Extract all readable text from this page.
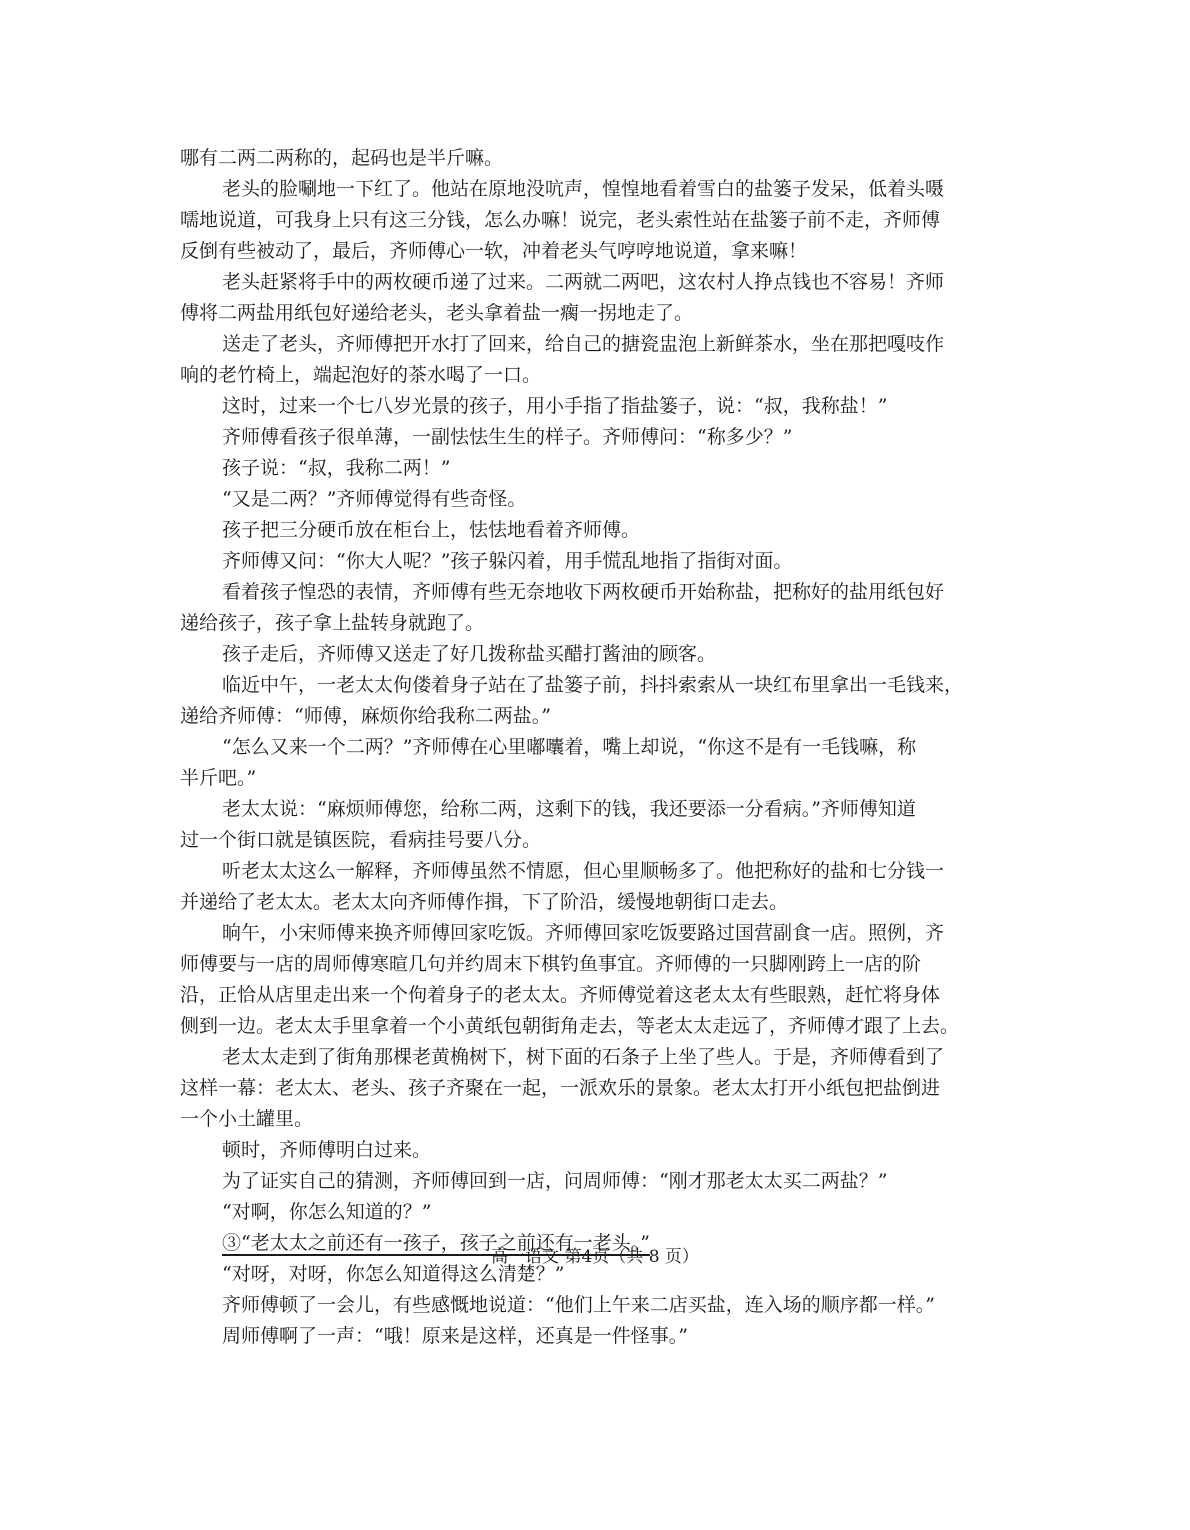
哪有二两二两称的，起码也是半斤嘛。
老头的脸唰地一下红了。他站在原地没吭声，惶惶地看着雪白的盐篓子发呆，低着头嗫
嚅地说道，可我身上只有这三分钱，怎么办嘛！说完，老头索性站在盐篓子前不走，齐师傅
反倒有些被动了，最后，齐师傅心一软，冲着老头气哼哼地说道，拿来嘛！
老头赶紧将手中的两枚硬币递了过来。二两就二两吧，这农村人挣点钱也不容易！齐师
傅将二两盐用纸包好递给老头，老头拿着盐一瘸一拐地走了。
送走了老头，齐师傅把开水打了回来，给自己的搪瓷盅泡上新鲜茶水，坐在那把嘎吱作
响的老竹椅上，端起泡好的茶水喝了一口。
这时，过来一个七八岁光景的孩子，用小手指了指盐篓子，说：“叔，我称盐！”
齐师傅看孩子很单薄，一副怯怯生生的样子。齐师傅问：“称多少？”
孩子说：“叔，我称二两！”
“又是二两？”齐师傅觉得有些奇怪。
孩子把三分硬币放在柜台上，怯怯地看着齐师傅。
齐师傅又问：“你大人呢？”孩子躲闪着，用手慌乱地指了指街对面。
看着孩子惶恐的表情，齐师傅有些无奈地收下两枚硬币开始称盐，把称好的盐用纸包好
递给孩子，孩子拿上盐转身就跑了。
孩子走后，齐师傅又送走了好几拨称盐买醋打酱油的顾客。
临近中午，一老太太佝偻着身子站在了盐篓子前，抖抖索索从一块红布里拿出一毛钱来，
递给齐师傅：“师傅，麻烦你给我称二两盐。”
“怎么又来一个二两？”齐师傅在心里嘟囔着，嘴上却说，“你这不是有一毛钱嘛，称
半斤吧。”
老太太说：“麻烦师傅您，给称二两，这剩下的钱，我还要添一分看病。”齐师傅知道
过一个街口就是镇医院，看病挂号要八分。
听老太太这么一解释，齐师傅虽然不情愿，但心里顺畅多了。他把称好的盐和七分钱一
并递给了老太太。老太太向齐师傅作揖，下了阶沿，缓慢地朝街口走去。
晌午，小宋师傅来换齐师傅回家吃饭。齐师傅回家吃饭要路过国营副食一店。照例，齐
师傅要与一店的周师傅寒暄几句并约周末下棋钓鱼事宜。齐师傅的一只脚刚跨上一店的阶
沿，正恰从店里走出来一个佝着身子的老太太。齐师傅觉着这老太太有些眼熟，赶忙将身体
侧到一边。老太太手里拿着一个小黄纸包朝街角走去，等老太太走远了，齐师傅才跟了上去。
老太太走到了街角那棵老黄桷树下，树下面的石条子上坐了些人。于是，齐师傅看到了
这样一幕：老太太、老头、孩子齐聚在一起，一派欢乐的景象。老太太打开小纸包把盐倒进
一个小土罐里。
顿时，齐师傅明白过来。
为了证实自己的猜测，齐师傅回到一店，问周师傅：“刚才那老太太买二两盐？”
“对啊，你怎么知道的？”
③“老太太之前还有一孩子，孩子之前还有一老头。”
“对呀，对呀，你怎么知道得这么清楚？”
齐师傅顿了一会儿，有些感慨地说道：“他们上午来二店买盐，连入场的顺序都一样。”
周师傅啊了一声：“哦！原来是这样，还真是一件怪事。”
高一语文 第4页（共 8 页）
